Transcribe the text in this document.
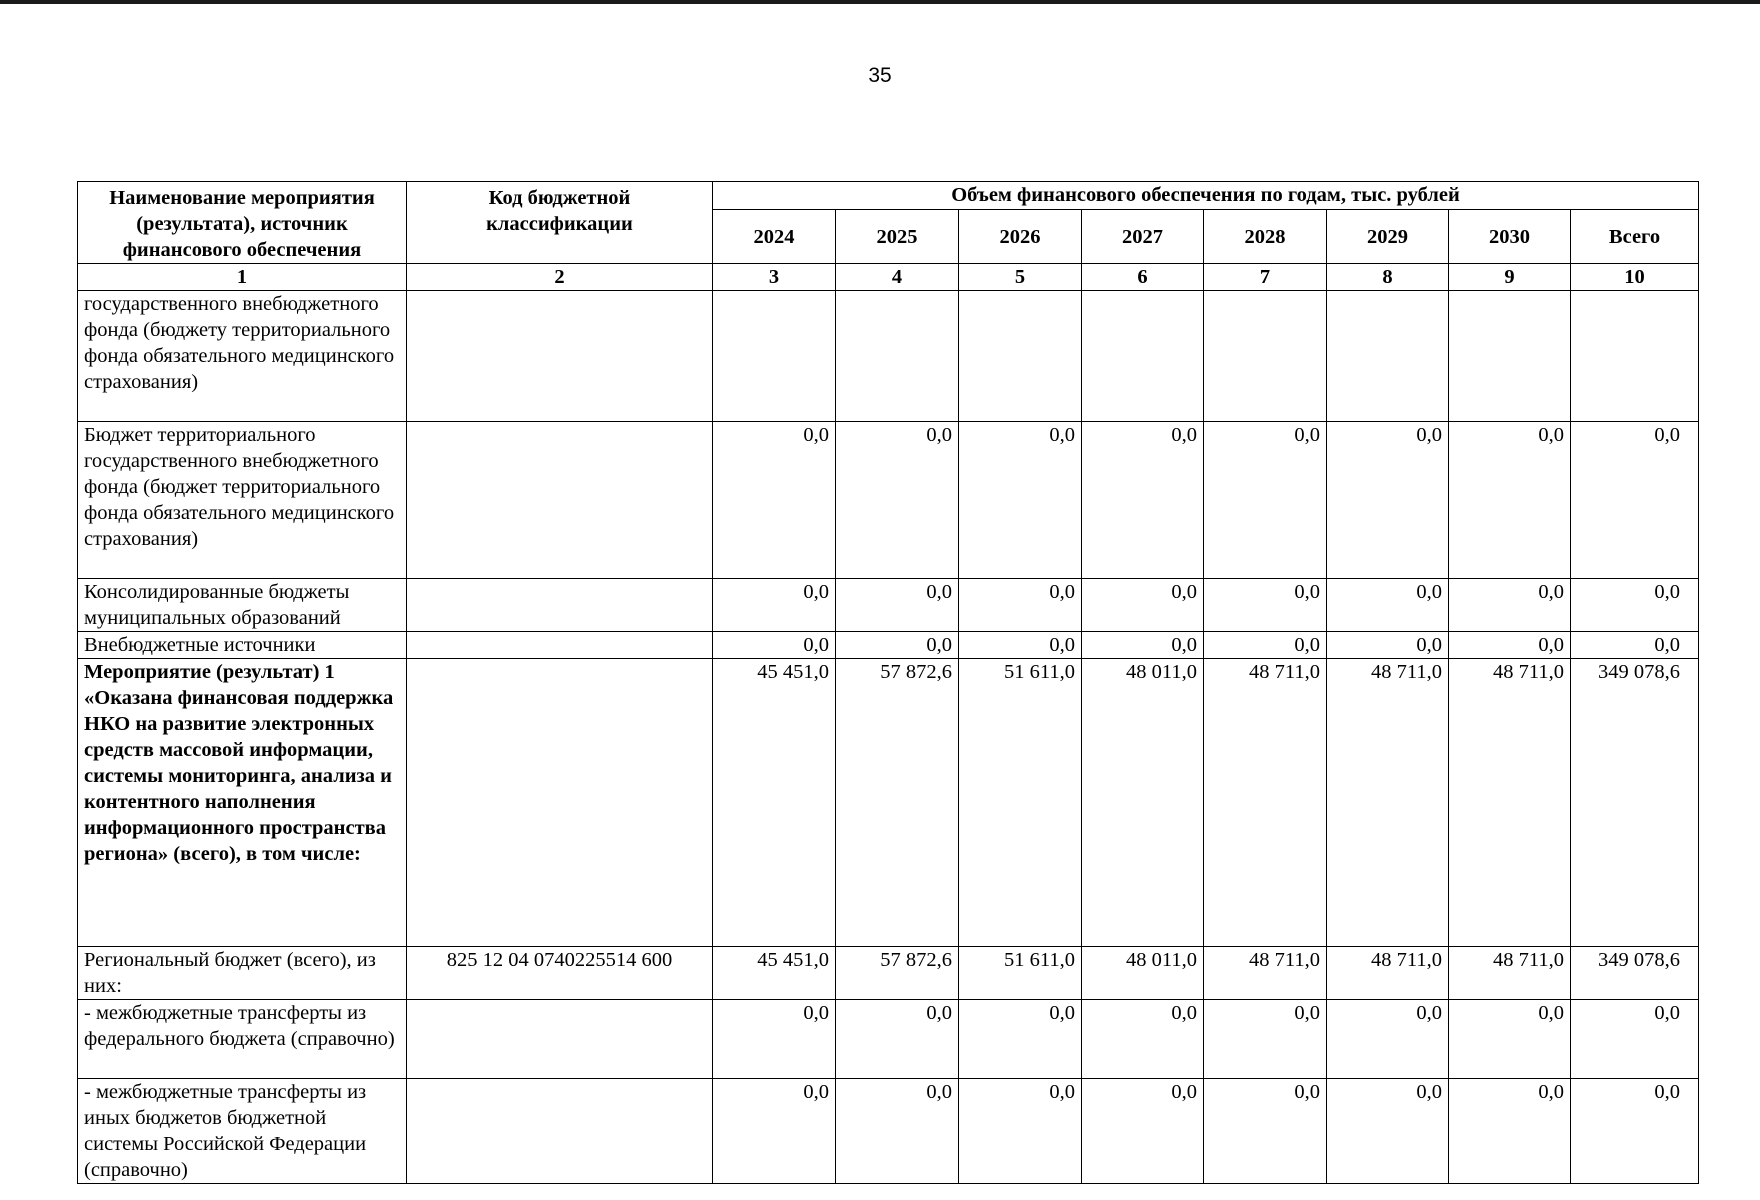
35
Наименование мероприятия (результата), источник финансового обеспечения	Код бюджетной классификации	Объем финансового обеспечения по годам, тыс. рублей							
		2024	2025	2026	2027	2028	2029	2030	Всего
1	2	3	4	5	6	7	8	9	10
государственного внебюджетного фонда (бюджету территориального фонда обязательного медицинского страхования)									
Бюджет территориального государственного внебюджетного фонда (бюджет территориального фонда обязательного медицинского страхования)		0,0	0,0	0,0	0,0	0,0	0,0	0,0	0,0
Консолидированные бюджеты муниципальных образований		0,0	0,0	0,0	0,0	0,0	0,0	0,0	0,0
Внебюджетные источники		0,0	0,0	0,0	0,0	0,0	0,0	0,0	0,0
Мероприятие (результат) 1 «Оказана финансовая поддержка НКО на развитие электронных средств массовой информации, системы мониторинга, анализа и контентного наполнения информационного пространства региона» (всего), в том числе:		45 451,0	57 872,6	51 611,0	48 011,0	48 711,0	48 711,0	48 711,0	349 078,6
Региональный бюджет (всего), из них:	825 12 04 0740225514 600	45 451,0	57 872,6	51 611,0	48 011,0	48 711,0	48 711,0	48 711,0	349 078,6
- межбюджетные трансферты из федерального бюджета (справочно)		0,0	0,0	0,0	0,0	0,0	0,0	0,0	0,0
- межбюджетные трансферты из иных бюджетов бюджетной системы Российской Федерации (справочно)		0,0	0,0	0,0	0,0	0,0	0,0	0,0	0,0
